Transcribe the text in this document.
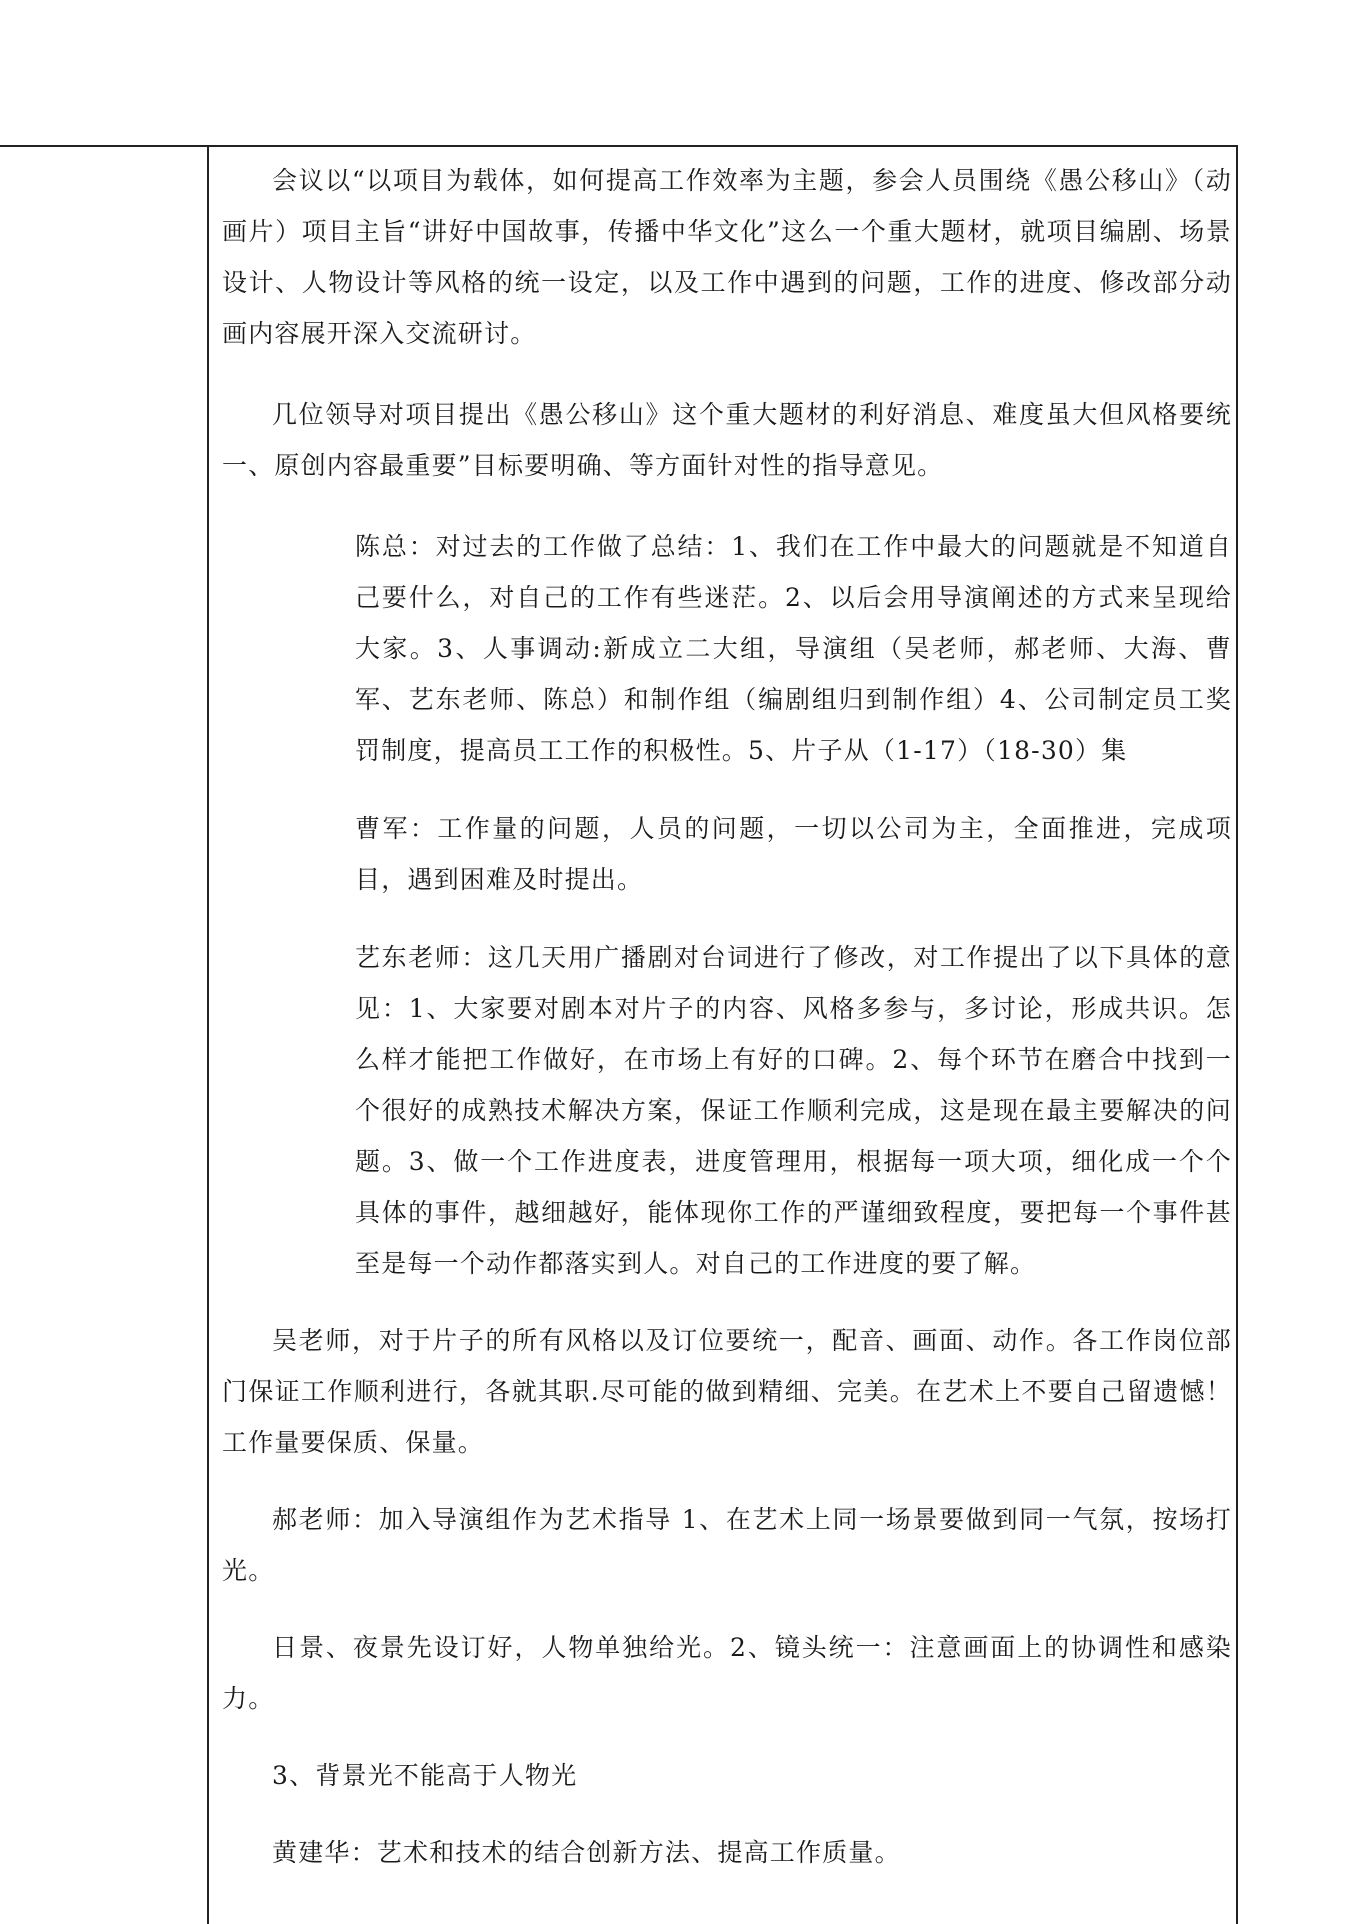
会议以“以项目为载体，如何提高工作效率为主题，参会人员围绕《愚公移山》（动画片）项目主旨“讲好中国故事，传播中华文化”这么一个重大题材，就项目编剧、场景设计、人物设计等风格的统一设定，以及工作中遇到的问题，工作的进度、修改部分动画内容展开深入交流研讨。

几位领导对项目提出《愚公移山》这个重大题材的利好消息、难度虽大但风格要统一、原创内容最重要”目标要明确、等方面针对性的指导意见。

陈总：对过去的工作做了总结：1、我们在工作中最大的问题就是不知道自己要什么，对自己的工作有些迷茫。2、以后会用导演阐述的方式来呈现给大家。3、人事调动:新成立二大组，导演组（吴老师，郝老师、大海、曹军、艺东老师、陈总）和制作组（编剧组归到制作组）4、公司制定员工奖罚制度，提高员工工作的积极性。5、片子从（1-17）（18-30）集

曹军：工作量的问题，人员的问题，一切以公司为主，全面推进，完成项目，遇到困难及时提出。

艺东老师：这几天用广播剧对台词进行了修改，对工作提出了以下具体的意见：1、大家要对剧本对片子的内容、风格多参与，多讨论，形成共识。怎么样才能把工作做好，在市场上有好的口碑。2、每个环节在磨合中找到一个很好的成熟技术解决方案，保证工作顺利完成，这是现在最主要解决的问题。3、做一个工作进度表，进度管理用，根据每一项大项，细化成一个个具体的事件，越细越好，能体现你工作的严谨细致程度，要把每一个事件甚至是每一个动作都落实到人。对自己的工作进度的要了解。

吴老师，对于片子的所有风格以及订位要统一，配音、画面、动作。各工作岗位部门保证工作顺利进行，各就其职.尽可能的做到精细、完美。在艺术上不要自己留遗憾！工作量要保质、保量。

郝老师：加入导演组作为艺术指导 1、在艺术上同一场景要做到同一气氛，按场打光。

日景、夜景先设订好，人物单独给光。2、镜头统一：注意画面上的协调性和感染力。

3、背景光不能高于人物光

黄建华：艺术和技术的结合创新方法、提高工作质量。
